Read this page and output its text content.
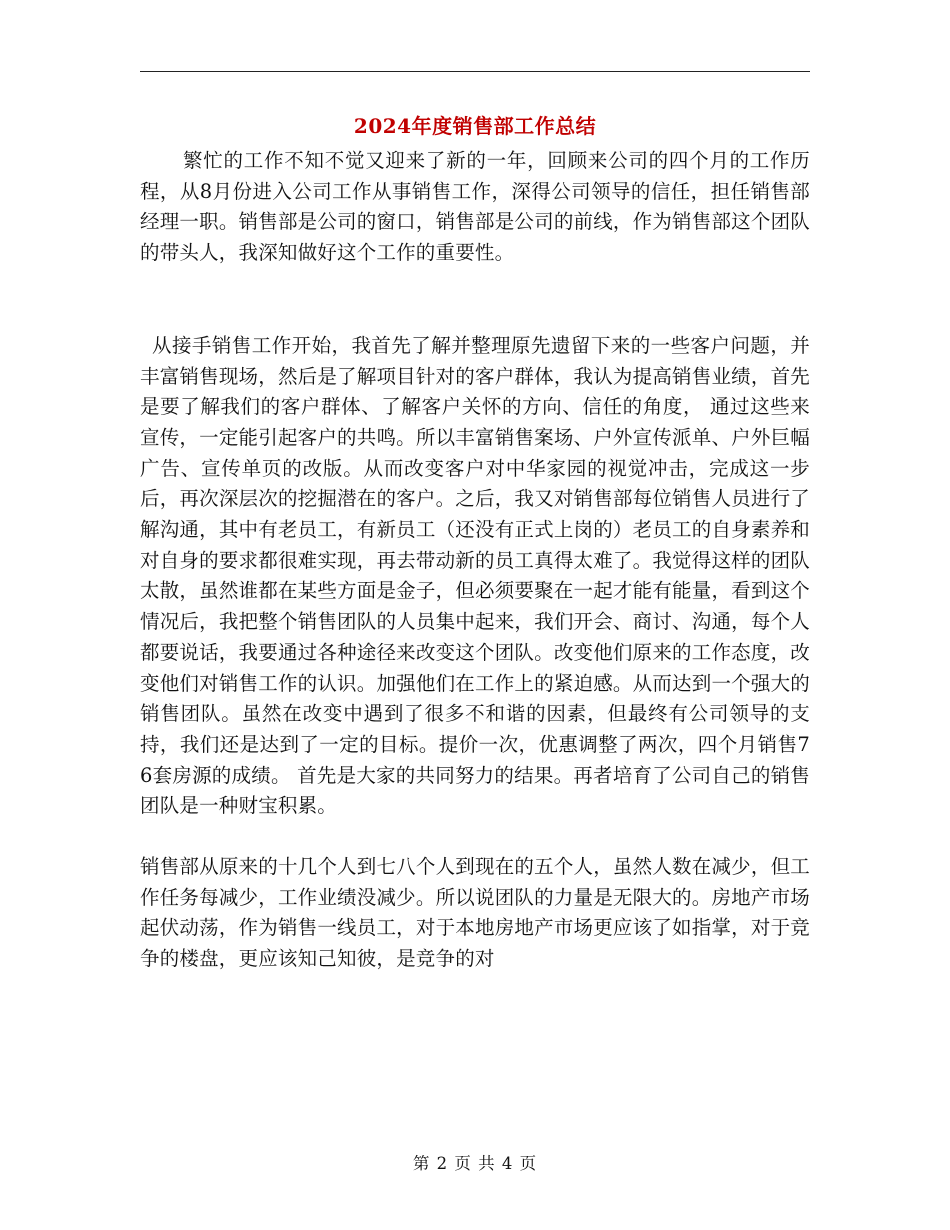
2024年度销售部工作总结

繁忙的工作不知不觉又迎来了新的一年，回顾来公司的四个月的工作历程，从8月份进入公司工作从事销售工作，深得公司领导的信任，担任销售部经理一职。销售部是公司的窗口，销售部是公司的前线，作为销售部这个团队的带头人，我深知做好这个工作的重要性。

从接手销售工作开始，我首先了解并整理原先遗留下来的一些客户问题，并丰富销售现场，然后是了解项目针对的客户群体，我认为提高销售业绩，首先是要了解我们的客户群体、了解客户关怀的方向、信任的角度， 通过这些来宣传，一定能引起客户的共鸣。所以丰富销售案场、户外宣传派单、户外巨幅广告、宣传单页的改版。从而改变客户对中华家园的视觉冲击，完成这一步后，再次深层次的挖掘潜在的客户。之后，我又对销售部每位销售人员进行了解沟通，其中有老员工，有新员工（还没有正式上岗的）老员工的自身素养和对自身的要求都很难实现，再去带动新的员工真得太难了。我觉得这样的团队太散，虽然谁都在某些方面是金子，但必须要聚在一起才能有能量，看到这个情况后，我把整个销售团队的人员集中起来，我们开会、商讨、沟通，每个人都要说话，我要通过各种途径来改变这个团队。改变他们原来的工作态度，改变他们对销售工作的认识。加强他们在工作上的紧迫感。从而达到一个强大的销售团队。虽然在改变中遇到了很多不和谐的因素，但最终有公司领导的支持，我们还是达到了一定的目标。提价一次，优惠调整了两次，四个月销售76套房源的成绩。 首先是大家的共同努力的结果。再者培育了公司自己的销售团队是一种财宝积累。

销售部从原来的十几个人到七八个人到现在的五个人，虽然人数在减少，但工作任务每减少，工作业绩没减少。所以说团队的力量是无限大的。房地产市场起伏动荡，作为销售一线员工，对于本地房地产市场更应该了如指掌，对于竞争的楼盘，更应该知己知彼，是竞争的对

第 2 页 共 4 页
